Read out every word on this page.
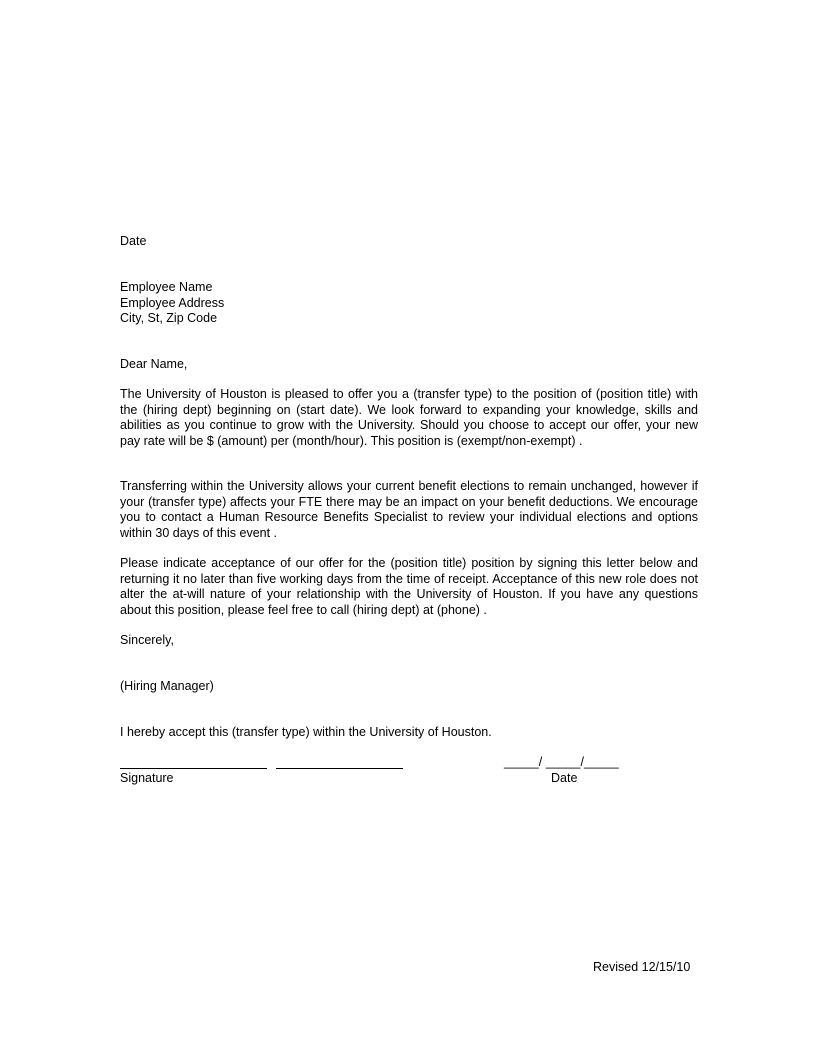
Date
Employee Name
Employee Address
City, St, Zip Code
Dear Name,
The University of Houston is pleased to offer you a (transfer type) to the position of (position title) with the (hiring dept) beginning on (start date). We look forward to expanding your knowledge, skills and abilities as you continue to grow with the University. Should you choose to accept our offer, your new pay rate will be $ (amount) per (month/hour). This position is (exempt/non-exempt) .
Transferring within the University allows your current benefit elections to remain unchanged, however if your (transfer type) affects your FTE there may be an impact on your benefit deductions. We encourage you to contact a Human Resource Benefits Specialist to review your individual elections and options within 30 days of this event .
Please indicate acceptance of our offer for the (position title) position by signing this letter below and returning it no later than five working days from the time of receipt. Acceptance of this new role does not alter the at-will nature of your relationship with the University of Houston. If you have any questions about this position, please feel free to call (hiring dept) at (phone) .
Sincerely,
(Hiring Manager)
I hereby accept this (transfer type) within the University of Houston.
_____/ _____/_____
Signature	Date
Revised 12/15/10
